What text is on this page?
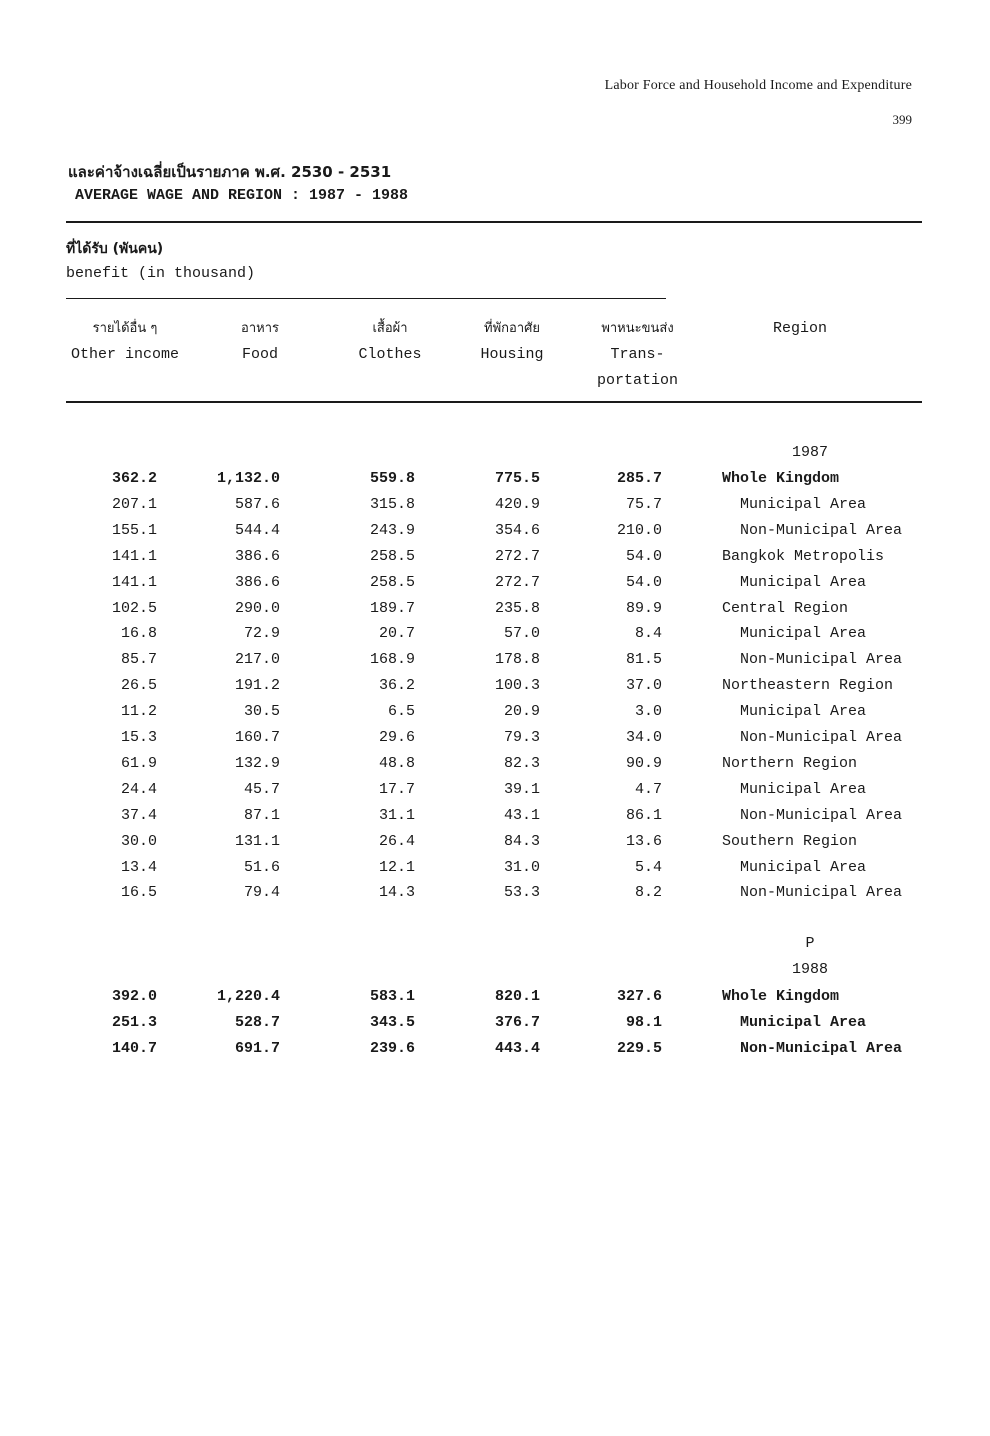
Labor Force and Household Income and Expenditure
399
และค่าจ้างเฉลี่ยเป็นรายภาค พ.ศ. 2530 - 2531
AVERAGE WAGE AND REGION : 1987 - 1988
ที่ได้รับ (พันคน)
benefit (in thousand)
รายได้อื่น ๆ
Other income
อาหาร
Food
เสื้อผ้า
Clothes
ที่พักอาศัย
Housing
พาหนะขนส่ง
Trans-
portation
Region
1987
362.2	1,132.0	559.8	775.5	285.7	Whole Kingdom
207.1	587.6	315.8	420.9	75.7	Municipal Area
155.1	544.4	243.9	354.6	210.0	Non-Municipal Area
141.1	386.6	258.5	272.7	54.0	Bangkok Metropolis
141.1	386.6	258.5	272.7	54.0	Municipal Area
102.5	290.0	189.7	235.8	89.9	Central Region
16.8	72.9	20.7	57.0	8.4	Municipal Area
85.7	217.0	168.9	178.8	81.5	Non-Municipal Area
26.5	191.2	36.2	100.3	37.0	Northeastern Region
11.2	30.5	6.5	20.9	3.0	Municipal Area
15.3	160.7	29.6	79.3	34.0	Non-Municipal Area
61.9	132.9	48.8	82.3	90.9	Northern Region
24.4	45.7	17.7	39.1	4.7	Municipal Area
37.4	87.1	31.1	43.1	86.1	Non-Municipal Area
30.0	131.1	26.4	84.3	13.6	Southern Region
13.4	51.6	12.1	31.0	5.4	Municipal Area
16.5	79.4	14.3	53.3	8.2	Non-Municipal Area
P
1988
392.0	1,220.4	583.1	820.1	327.6	Whole Kingdom
251.3	528.7	343.5	376.7	98.1	Municipal Area
140.7	691.7	239.6	443.4	229.5	Non-Municipal Area
